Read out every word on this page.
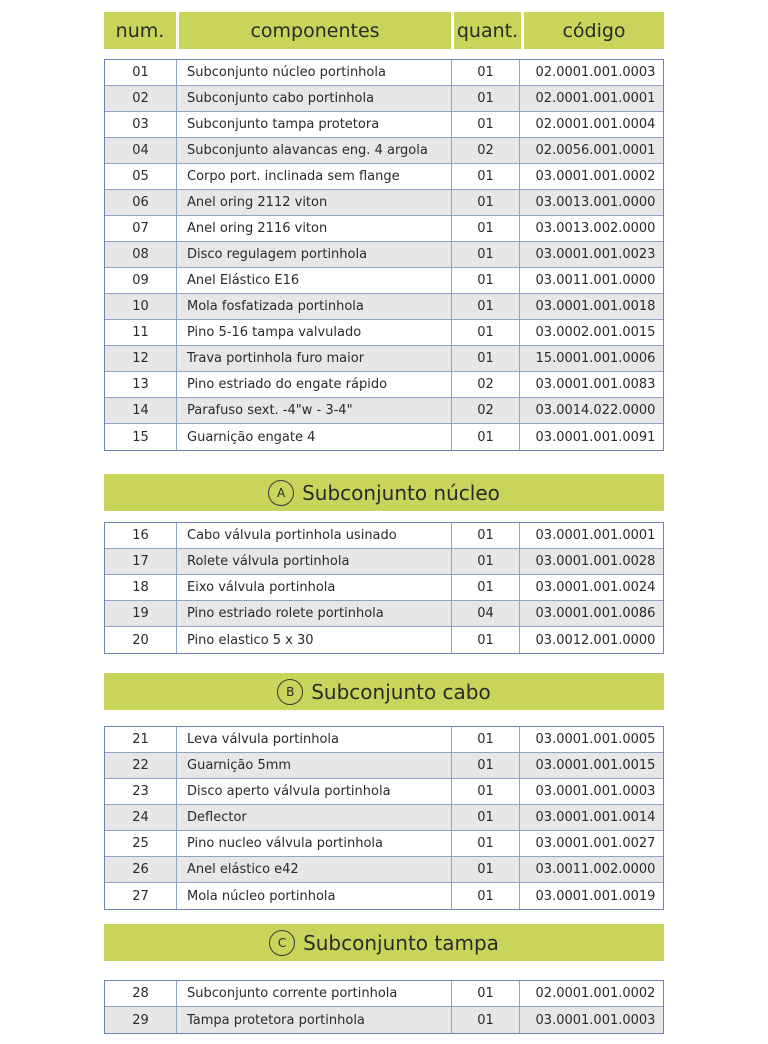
num.	componentes	quant.	código
01	Subconjunto núcleo portinhola	01	02.0001.001.0003
02	Subconjunto cabo portinhola	01	02.0001.001.0001
03	Subconjunto tampa protetora	01	02.0001.001.0004
04	Subconjunto alavancas eng. 4 argola	02	02.0056.001.0001
05	Corpo port. inclinada sem flange	01	03.0001.001.0002
06	Anel oring 2112 viton	01	03.0013.001.0000
07	Anel oring 2116 viton	01	03.0013.002.0000
08	Disco regulagem portinhola	01	03.0001.001.0023
09	Anel Elástico E16	01	03.0011.001.0000
10	Mola fosfatizada portinhola	01	03.0001.001.0018
11	Pino 5-16 tampa valvulado	01	03.0002.001.0015
12	Trava portinhola furo maior	01	15.0001.001.0006
13	Pino estriado do engate rápido	02	03.0001.001.0083
14	Parafuso sext. -4"w - 3-4"	02	03.0014.022.0000
15	Guarnição engate 4	01	03.0001.001.0091
A Subconjunto núcleo
16	Cabo válvula portinhola usinado	01	03.0001.001.0001
17	Rolete válvula portinhola	01	03.0001.001.0028
18	Eixo válvula portinhola	01	03.0001.001.0024
19	Pino estriado rolete portinhola	04	03.0001.001.0086
20	Pino elastico 5 x 30	01	03.0012.001.0000
B Subconjunto cabo
21	Leva válvula portinhola	01	03.0001.001.0005
22	Guarnição 5mm	01	03.0001.001.0015
23	Disco aperto válvula portinhola	01	03.0001.001.0003
24	Deflector	01	03.0001.001.0014
25	Pino nucleo válvula portinhola	01	03.0001.001.0027
26	Anel elástico e42	01	03.0011.002.0000
27	Mola núcleo portinhola	01	03.0001.001.0019
C Subconjunto tampa
28	Subconjunto corrente portinhola	01	02.0001.001.0002
29	Tampa protetora portinhola	01	03.0001.001.0003
